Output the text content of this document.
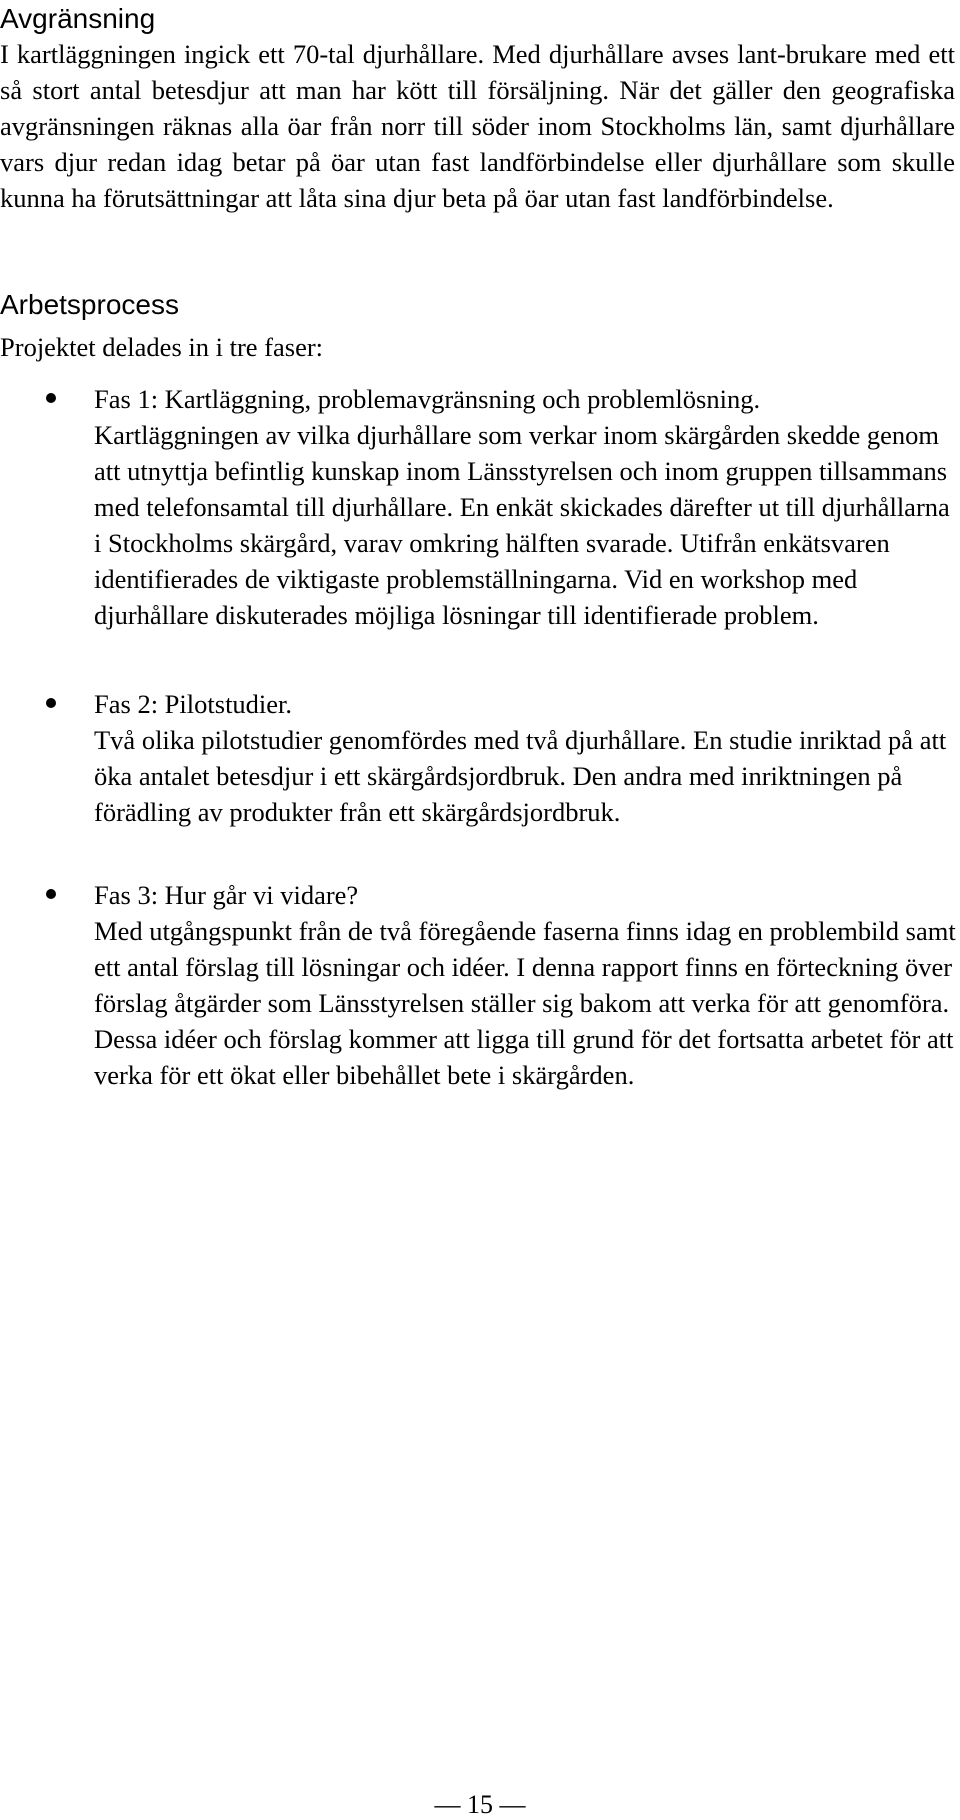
Avgränsning
I kartläggningen ingick ett 70-tal djurhållare. Med djurhållare avses lant-brukare med ett så stort antal betesdjur att man har kött till försäljning. När det gäller den geografiska avgränsningen räknas alla öar från norr till söder inom Stockholms län, samt djurhållare vars djur redan idag betar på öar utan fast landförbindelse eller djurhållare som skulle kunna ha förutsättningar att låta sina djur beta på öar utan fast landförbindelse.
Arbetsprocess
Projektet delades in i tre faser:
Fas 1: Kartläggning, problemavgränsning och problemlösning.
Kartläggningen av vilka djurhållare som verkar inom skärgården skedde genom att utnyttja befintlig kunskap inom Länsstyrelsen och inom gruppen tillsammans med telefonsamtal till djurhållare. En enkät skickades därefter ut till djurhållarna i Stockholms skärgård, varav omkring hälften svarade. Utifrån enkätsvaren identifierades de viktigaste problemställningarna. Vid en workshop med djurhållare diskuterades möjliga lösningar till identifierade problem.
Fas 2: Pilotstudier.
Två olika pilotstudier genomfördes med två djurhållare. En studie inriktad på att öka antalet betesdjur i ett skärgårdsjordbruk. Den andra med inriktningen på förädling av produkter från ett skärgårdsjordbruk.
Fas 3: Hur går vi vidare?
Med utgångspunkt från de två föregående faserna finns idag en problembild samt ett antal förslag till lösningar och idéer. I denna rapport finns en förteckning över förslag åtgärder som Länsstyrelsen ställer sig bakom att verka för att genomföra. Dessa idéer och förslag kommer att ligga till grund för det fortsatta arbetet för att verka för ett ökat eller bibehållet bete i skärgården.
— 15 —
